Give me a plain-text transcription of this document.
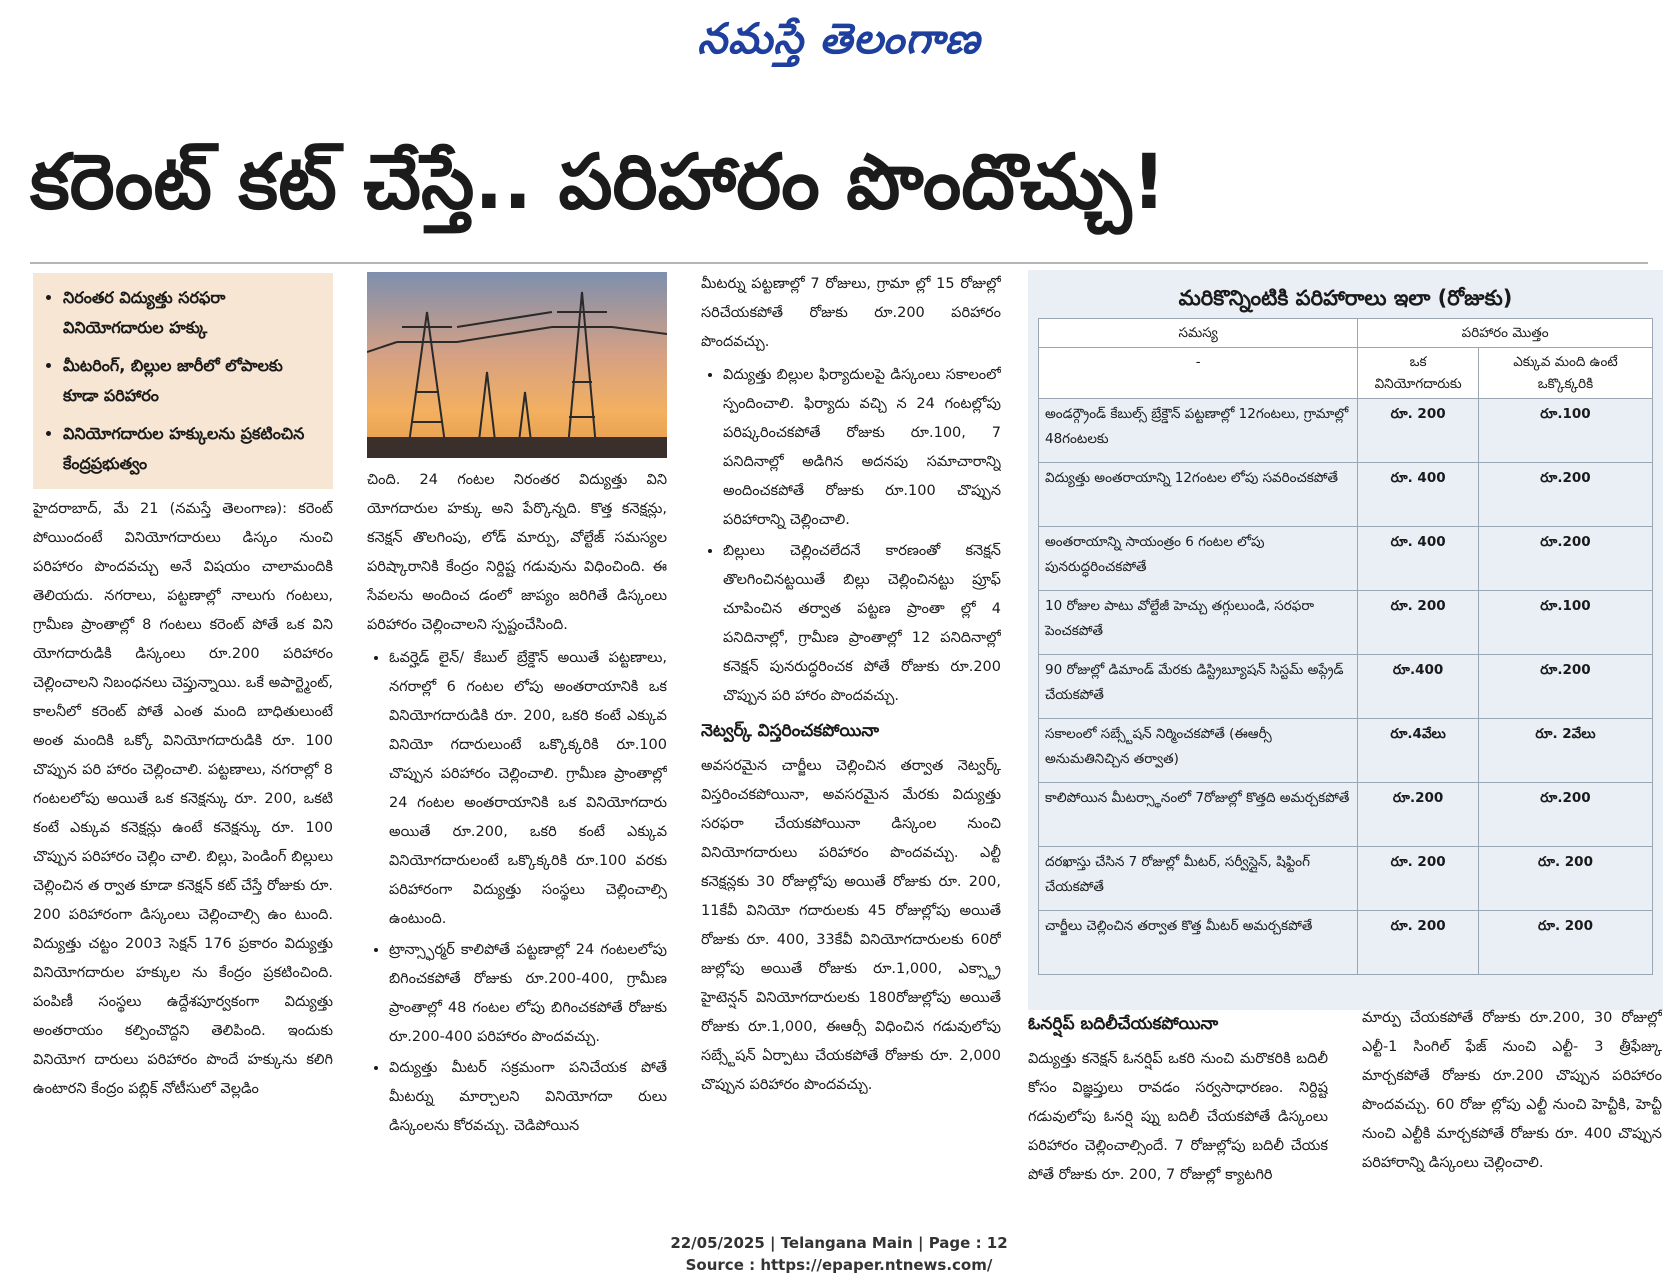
నమస్తే తెలంగాణ
కరెంట్ కట్ చేస్తే.. పరిహారం పొందొచ్చు!
• నిరంతర విద్యుత్తు సరఫరా వినియోగదారుల హక్కు
• మీటరింగ్, బిల్లుల జారీలో లోపాలకు కూడా పరిహారం
• వినియోగదారుల హక్కులను ప్రకటించిన కేంద్రప్రభుత్వం

హైదరాబాద్, మే 21 (నమస్తే తెలంగాణ): కరెంట్ పోయిందంటే వినియోగదారులు డిస్కం నుంచి పరిహారం పొందవచ్చు అనే విషయం చాలామందికి తెలియదు. నగరాలు, పట్టణాల్లో నాలుగు గంటలు, గ్రామీణ ప్రాంతాల్లో 8 గంటలు కరెంట్ పోతే ఒక విని యోగదారుడికి డిస్కంలు రూ.200 పరిహారం చెల్లించాలని నిబంధనలు చెప్తున్నాయి. ఒకే అపార్ట్మెంట్, కాలనీలో కరెంట్ పోతే ఎంత మంది బాధితులుంటే అంత మందికి ఒక్కో వినియోగదారుడికి రూ. 100 చొప్పున పరి హారం చెల్లించాలి. పట్టణాలు, నగరాల్లో 8 గంటలలోపు అయితే ఒక కనెక్షన్కు రూ. 200, ఒకటి కంటే ఎక్కువ కనెక్షన్లు ఉంటే కనెక్షన్కు రూ. 100 చొప్పున పరిహారం చెల్లిం చాలి. బిల్లు, పెండింగ్ బిల్లులు చెల్లించిన త ర్వాత కూడా కనెక్షన్ కట్ చేస్తే రోజుకు రూ. 200 పరిహారంగా డిస్కంలు చెల్లించాల్సి ఉం టుంది. విద్యుత్తు చట్టం 2003 సెక్షన్ 176 ప్రకారం విద్యుత్తు వినియోగదారుల హక్కుల ను కేంద్రం ప్రకటించింది. పంపిణీ సంస్థలు ఉద్దేశపూర్వకంగా విద్యుత్తు అంతరాయం కల్పించొద్దని తెలిపింది. ఇందుకు వినియోగ దారులు పరిహారం పొందే హక్కును కలిగి ఉంటారని కేంద్రం పబ్లిక్ నోటీసులో వెల్లడిం

చింది. 24 గంటల నిరంతర విద్యుత్తు విని యోగదారుల హక్కు అని పేర్కొన్నది. కొత్త కనెక్షన్లు, కనెక్షన్ తొలగింపు, లోడ్ మార్పు, వోల్టేజ్ సమస్యల పరిష్కారానికి కేంద్రం నిర్దిష్ట గడువును విధించింది. ఈ సేవలను అందించ డంలో జాప్యం జరిగితే డిస్కంలు పరిహారం చెల్లించాలని స్పష్టంచేసింది.

• ఓవర్హెడ్ లైన్/ కేబుల్ బ్రేక్డౌన్ అయితే పట్టణాలు, నగరాల్లో 6 గంటల లోపు అంతరాయానికి ఒక వినియోగదారుడికి రూ. 200, ఒకరి కంటే ఎక్కువ వినియో గదారులుంటే ఒక్కొక్కరికి రూ.100 చొప్పున పరిహారం చెల్లించాలి. గ్రామీణ ప్రాంతాల్లో 24 గంటల అంతరాయానికి ఒక వినియోగదారు అయితే రూ.200, ఒకరి కంటే ఎక్కువ వినియోగదారులంటే ఒక్కొక్కరికి రూ.100 వరకు పరిహారంగా విద్యుత్తు సంస్థలు చెల్లించాల్సి ఉంటుంది.
• ట్రాన్స్ఫార్మర్ కాలిపోతే పట్టణాల్లో 24 గంటలలోపు బిగించకపోతే రోజుకు రూ.200-400, గ్రామీణ ప్రాంతాల్లో 48 గంటల లోపు బిగించకపోతే రోజుకు రూ.200-400 పరిహారం పొందవచ్చు.
• విద్యుత్తు మీటర్ సక్రమంగా పనిచేయక పోతే మీటర్ను మార్చాలని వినియోగదా రులు డిస్కంలను కోరవచ్చు. చెడిపోయిన

మీటర్ను పట్టణాల్లో 7 రోజులు, గ్రామా ల్లో 15 రోజుల్లో సరిచేయకపోతే రోజుకు రూ.200 పరిహారం పొందవచ్చు.

• విద్యుత్తు బిల్లుల ఫిర్యాదులపై డిస్కంలు సకాలంలో స్పందించాలి. ఫిర్యాదు వచ్చి న 24 గంటల్లోపు పరిష్కరించకపోతే రోజుకు రూ.100, 7 పనిదినాల్లో అడిగిన అదనపు సమాచారాన్ని అందించకపోతే రోజుకు రూ.100 చొప్పున పరిహారాన్ని చెల్లించాలి.
• బిల్లులు చెల్లించలేదనే కారణంతో కనెక్షన్ తొలగించినట్టయితే బిల్లు చెల్లించినట్టు ప్రూఫ్ చూపించిన తర్వాత పట్టణ ప్రాంతా ల్లో 4 పనిదినాల్లో, గ్రామీణ ప్రాంతాల్లో 12 పనిదినాల్లో కనెక్షన్ పునరుద్ధరించక పోతే రోజుకు రూ.200 చొప్పున పరి హారం పొందవచ్చు.
నెట్వర్క్ విస్తరించకపోయినా

అవసరమైన చార్జీలు చెల్లించిన తర్వాత నెట్వర్క్ విస్తరించకపోయినా, అవసరమైన మేరకు విద్యుత్తు సరఫరా చేయకపోయినా డిస్కంల నుంచి వినియోగదారులు పరిహారం పొందవచ్చు. ఎల్టీ కనెక్షన్లకు 30 రోజుల్లోపు అయితే రోజుకు రూ. 200, 11కేవీ వినియో గదారులకు 45 రోజుల్లోపు అయితే రోజుకు రూ. 400, 33కేవీ వినియోగదారులకు 60రో జుల్లోపు అయితే రోజుకు రూ.1,000, ఎక్స్ట్రా హైటెన్షన్ వినియోగదారులకు 180రోజుల్లోపు అయితే రోజుకు రూ.1,000, ఈఆర్సీ విధించిన గడువులోపు సబ్స్టేషన్ ఏర్పాటు చేయకపోతే రోజుకు రూ. 2,000 చొప్పున పరిహారం పొందవచ్చు.

మరికొన్నింటికి పరిహారాలు ఇలా (రోజుకు)
సమస్య	పరిహారం మొత్తం	
-	ఒక వినియోగదారుకు	ఎక్కువ మంది ఉంటే ఒక్కొక్కరికి
అండర్గ్రౌండ్ కేబుల్స్ బ్రేక్డౌన్ పట్టణాల్లో 12గంటలు, గ్రామాల్లో 48గంటలకు	రూ. 200	రూ.100
విద్యుత్తు అంతరాయాన్ని 12గంటల లోపు సవరించకపోతే	రూ. 400	రూ.200
అంతరాయాన్ని సాయంత్రం 6 గంటల లోపు పునరుద్ధరించకపోతే	రూ. 400	రూ.200
10 రోజుల పాటు వోల్టేజీ హెచ్చు తగ్గులుండి, సరఫరా పెంచకపోతే	రూ. 200	రూ.100
90 రోజుల్లో డిమాండ్ మేరకు డిస్ట్రిబ్యూషన్ సిస్టమ్ అప్గ్రేడ్ చేయకపోతే	రూ.400	రూ.200
సకాలంలో సబ్స్టేషన్ నిర్మించకపోతే (ఈఆర్సీ అనుమతినిచ్చిన తర్వాత)	రూ.4వేలు	రూ. 2వేలు
కాలిపోయిన మీటర్స్థానంలో 7రోజుల్లో కొత్తది అమర్చకపోతే	రూ.200	రూ.200
దరఖాస్తు చేసిన 7 రోజుల్లో మీటర్, సర్వీస్లైన్, షిఫ్టింగ్ చేయకపోతే	రూ. 200	రూ. 200
చార్జీలు చెల్లించిన తర్వాత కొత్త మీటర్ అమర్చకపోతే	రూ. 200	రూ. 200
ఓనర్షిప్ బదిలీచేయకపోయినా

విద్యుత్తు కనెక్షన్ ఓనర్షిప్ ఒకరి నుంచి మరొకరికి బదిలీ కోసం విజ్ఞప్తులు రావడం సర్వసాధారణం. నిర్దిష్ట గడువులోపు ఓనర్షి ప్ను బదిలీ చేయకపోతే డిస్కంలు పరిహారం చెల్లించాల్సిందే. 7 రోజుల్లోపు బదిలీ చేయక పోతే రోజుకు రూ. 200, 7 రోజుల్లో క్యాటగిరి

మార్పు చేయకపోతే రోజుకు రూ.200, 30 రోజుల్లో ఎల్టీ-1 సింగిల్ ఫేజ్ నుంచి ఎల్టీ- 3 త్రీఫేజ్కు మార్చకపోతే రోజుకు రూ.200 చొప్పున పరిహారం పొందవచ్చు. 60 రోజు ల్లోపు ఎల్టీ నుంచి హెచ్టీకి, హెచ్టీ నుంచి ఎల్టీకి మార్చకపోతే రోజుకు రూ. 400 చొప్పున పరిహారాన్ని డిస్కంలు చెల్లించాలి.

22/05/2025 | Telangana Main | Page : 12
Source : https://epaper.ntnews.com/
